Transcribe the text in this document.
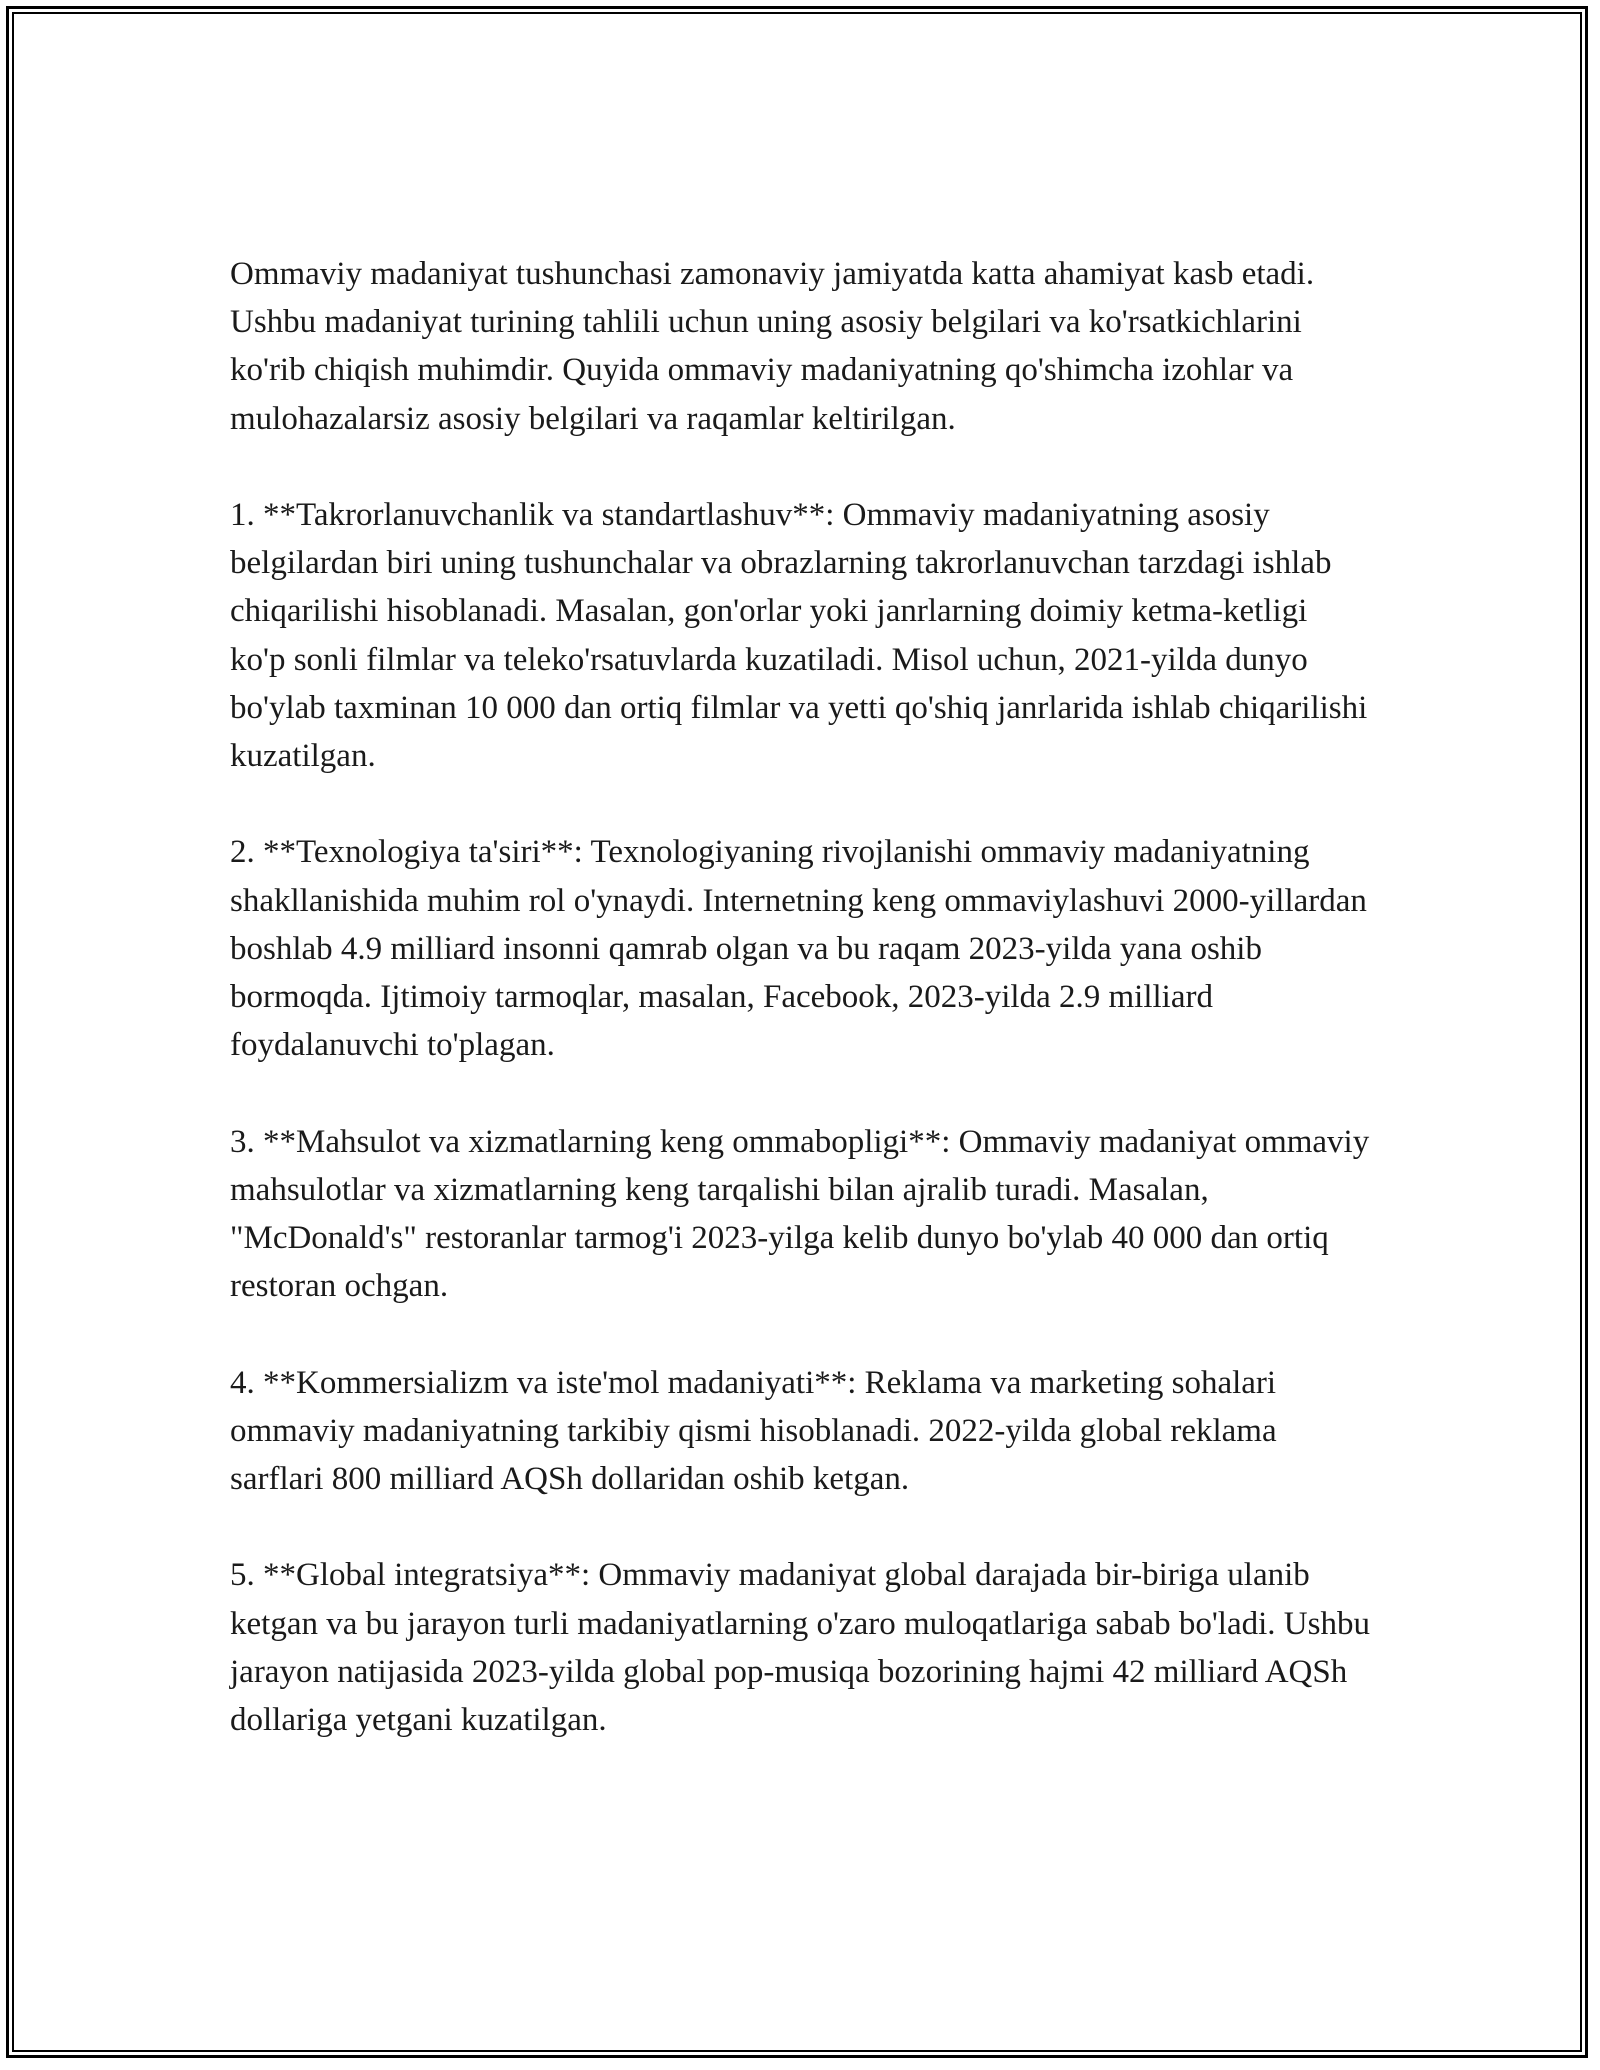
Ommaviy madaniyat tushunchasi zamonaviy jamiyatda katta ahamiyat kasb etadi. Ushbu madaniyat turining tahlili uchun uning asosiy belgilari va ko'rsatkichlarini ko'rib chiqish muhimdir. Quyida ommaviy madaniyatning qo'shimcha izohlar va mulohazalarsiz asosiy belgilari va raqamlar keltirilgan.

1. **Takrorlanuvchanlik va standartlashuv**: Ommaviy madaniyatning asosiy belgilardan biri uning tushunchalar va obrazlarning takrorlanuvchan tarzdagi ishlab chiqarilishi hisoblanadi. Masalan, gon'orlar yoki janrlarning doimiy ketma-ketligi ko'p sonli filmlar va teleko'rsatuvlarda kuzatiladi. Misol uchun, 2021-yilda dunyo bo'ylab taxminan 10 000 dan ortiq filmlar va yetti qo'shiq janrlarida ishlab chiqarilishi kuzatilgan.

2. **Texnologiya ta'siri**: Texnologiyaning rivojlanishi ommaviy madaniyatning shakllanishida muhim rol o'ynaydi. Internetning keng ommaviylashuvi 2000-yillardan boshlab 4.9 milliard insonni qamrab olgan va bu raqam 2023-yilda yana oshib bormoqda. Ijtimoiy tarmoqlar, masalan, Facebook, 2023-yilda 2.9 milliard foydalanuvchi to'plagan.

3. **Mahsulot va xizmatlarning keng ommabopligi**: Ommaviy madaniyat ommaviy mahsulotlar va xizmatlarning keng tarqalishi bilan ajralib turadi. Masalan, "McDonald's" restoranlar tarmog'i 2023-yilga kelib dunyo bo'ylab 40 000 dan ortiq restoran ochgan.

4. **Kommersializm va iste'mol madaniyati**: Reklama va marketing sohalari ommaviy madaniyatning tarkibiy qismi hisoblanadi. 2022-yilda global reklama sarflari 800 milliard AQSh dollaridan oshib ketgan.

5. **Global integratsiya**: Ommaviy madaniyat global darajada bir-biriga ulanib ketgan va bu jarayon turli madaniyatlarning o'zaro muloqatlariga sabab bo'ladi. Ushbu jarayon natijasida 2023-yilda global pop-musiqa bozorining hajmi 42 milliard AQSh dollariga yetgani kuzatilgan.
